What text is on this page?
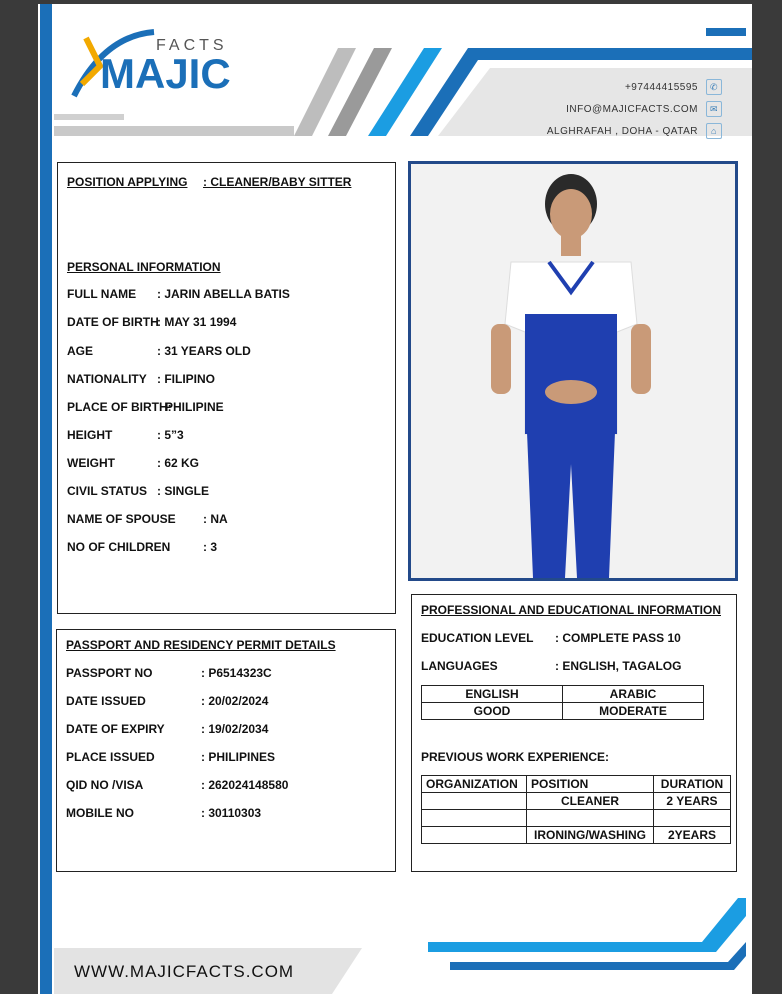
FACTS
MAJIC	+97444415595	✆
INFO@MAJICFACTS.COM	✉
ALGHRAFAH , DOHA - QATAR	⌂
POSITION APPLYING : CLEANER/BABY SITTER
PERSONAL INFORMATION
FULL NAME : JARIN ABELLA BATIS
DATE OF BIRTH
: MAY 31 1994
AGE	: 31 YEARS OLD
NATIONALITY : FILIPINO
PLACE OF BIRTH:
PHILIPINE
HEIGHT	: 5”3
WEIGHT	: 62 KG
CIVIL STATUS : SINGLE
NAME OF SPOUSE : NA
NO OF CHILDREN	: 3
PASSPORT AND RESIDENCY PERMIT DETAILS
PASSPORT NO	: P6514323C
DATE ISSUED	: 20/02/2024
DATE OF EXPIRY	: 19/02/2034
PLACE ISSUED	: PHILIPINES
QID NO /VISA	: 262024148580
MOBILE NO	: 30110303
PROFESSIONAL AND EDUCATIONAL INFORMATION
EDUCATION LEVEL : COMPLETE PASS 10
LANGUAGES	: ENGLISH, TAGALOG
ENGLISH	ARABIC
GOOD	MODERATE
PREVIOUS WORK EXPERIENCE:
ORGANIZATION	POSITION	DURATION
	CLEANER	2 YEARS

	IRONING/WASHING	2YEARS
WWW.MAJICFACTS.COM
